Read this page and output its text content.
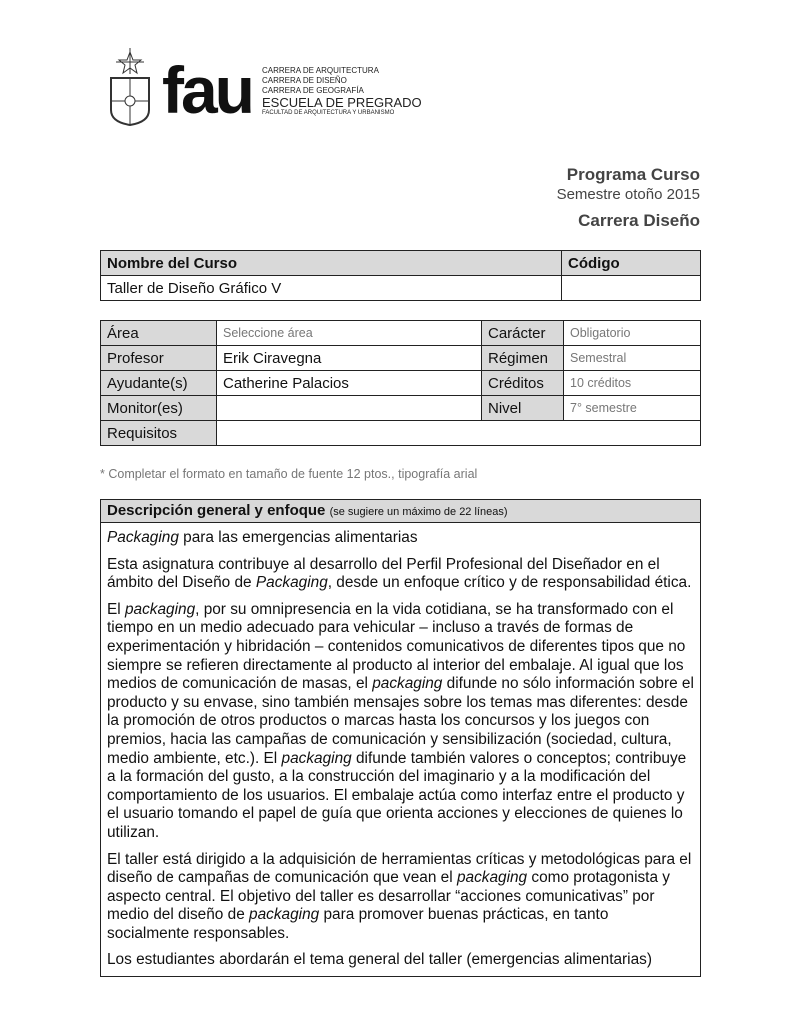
fau CARRERA DE ARQUITECTURA
CARRERA DE DISEÑO
CARRERA DE GEOGRAFÍA
ESCUELA DE PREGRADO
FACULTAD DE ARQUITECTURA Y URBANISMO
Programa Curso
Semestre otoño 2015
Carrera Diseño
Nombre del Curso	Código
Taller de Diseño Gráfico V	
Área	Seleccione área	Carácter	Obligatorio
Profesor	Erik Ciravegna	Régimen	Semestral
Ayudante(s)	Catherine Palacios	Créditos	10 créditos
Monitor(es)		Nivel	7° semestre
Requisitos			
* Completar el formato en tamaño de fuente 12 ptos., tipografía arial
Descripción general y enfoque (se sugiere un máximo de 22 líneas)

Packaging para las emergencias alimentarias

Esta asignatura contribuye al desarrollo del Perfil Profesional del Diseñador en el ámbito del Diseño de Packaging, desde un enfoque crítico y de responsabilidad ética.

El packaging, por su omnipresencia en la vida cotidiana, se ha transformado con el tiempo en un medio adecuado para vehicular – incluso a través de formas de experimentación y hibridación – contenidos comunicativos de diferentes tipos que no siempre se refieren directamente al producto al interior del embalaje. Al igual que los medios de comunicación de masas, el packaging difunde no sólo información sobre el producto y su envase, sino también mensajes sobre los temas mas diferentes: desde la promoción de otros productos o marcas hasta los concursos y los juegos con premios, hacia las campañas de comunicación y sensibilización (sociedad, cultura, medio ambiente, etc.). El packaging difunde también valores o conceptos; contribuye a la formación del gusto, a la construcción del imaginario y a la modificación del comportamiento de los usuarios. El embalaje actúa como interfaz entre el producto y el usuario tomando el papel de guía que orienta acciones y elecciones de quienes lo utilizan.

El taller está dirigido a la adquisición de herramientas críticas y metodológicas para el diseño de campañas de comunicación que vean el packaging como protagonista y aspecto central. El objetivo del taller es desarrollar “acciones comunicativas” por medio del diseño de packaging para promover buenas prácticas, en tanto socialmente responsables.

Los estudiantes abordarán el tema general del taller (emergencias alimentarias)
